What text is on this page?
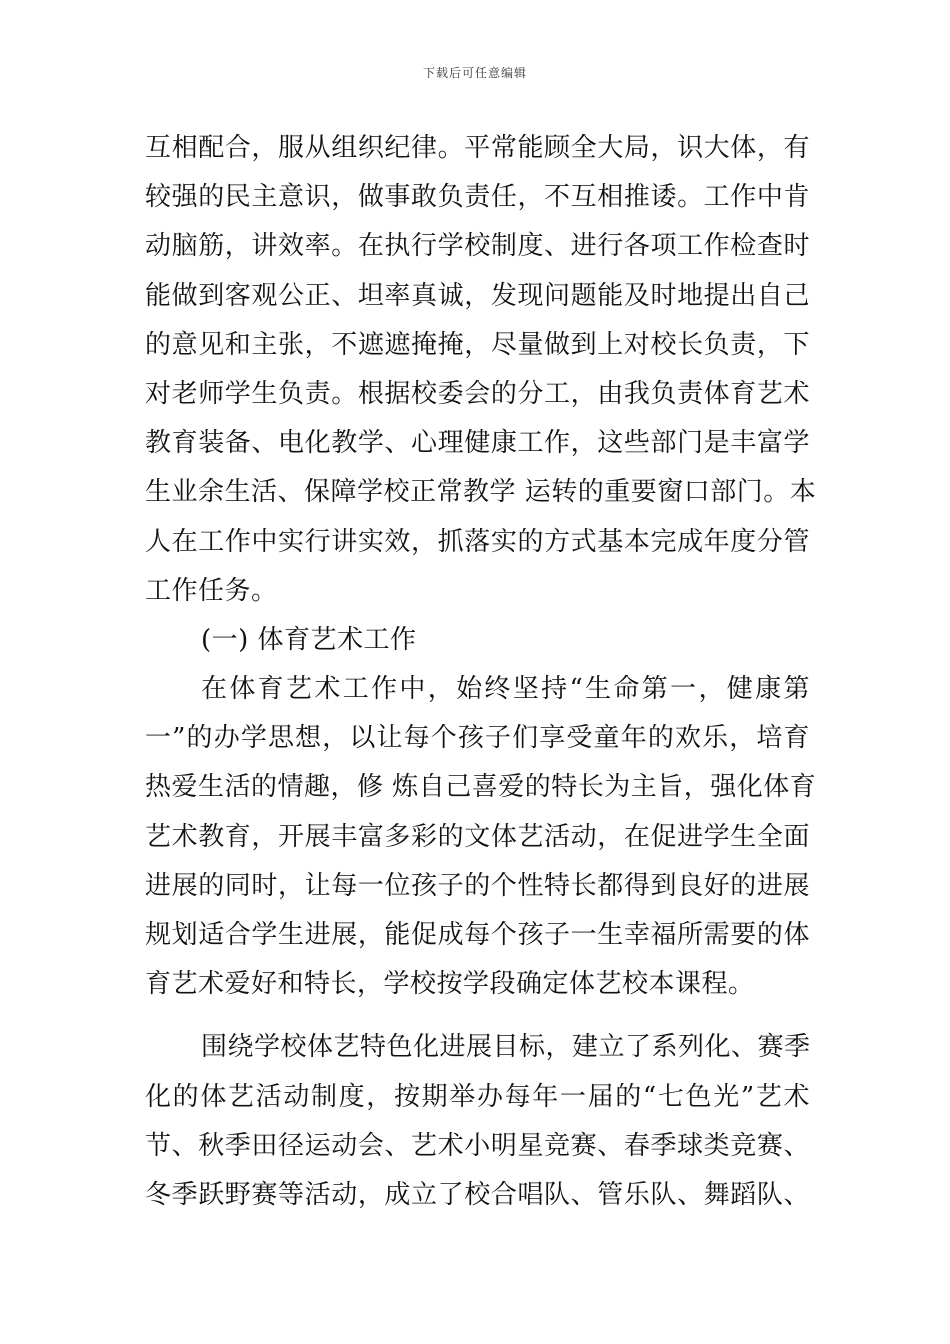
下载后可任意编辑
互相配合，服从组织纪律。平常能顾全大局，识大体，有
较强的民主意识，做事敢负责任，不互相推诿。工作中肯
动脑筋，讲效率。在执行学校制度、进行各项工作检查时
能做到客观公正、坦率真诚，发现问题能及时地提出自己
的意见和主张，不遮遮掩掩，尽量做到上对校长负责，下
对老师学生负责。根据校委会的分工，由我负责体育艺术
教育装备、电化教学、心理健康工作，这些部门是丰富学
生业余生活、保障学校正常教学 运转的重要窗口部门。本
人在工作中实行讲实效，抓落实的方式基本完成年度分管
工作任务。
(一) 体育艺术工作
在体育艺术工作中，始终坚持“生命第一，健康第
一”的办学思想，以让每个孩子们享受童年的欢乐，培育
热爱生活的情趣，修 炼自己喜爱的特长为主旨，强化体育
艺术教育，开展丰富多彩的文体艺活动，在促进学生全面
进展的同时，让每一位孩子的个性特长都得到良好的进展
规划适合学生进展，能促成每个孩子一生幸福所需要的体
育艺术爱好和特长，学校按学段确定体艺校本课程。
围绕学校体艺特色化进展目标，建立了系列化、赛季
化的体艺活动制度，按期举办每年一届的“七色光”艺术
节、秋季田径运动会、艺术小明星竞赛、春季球类竞赛、
冬季跃野赛等活动，成立了校合唱队、管乐队、舞蹈队、
